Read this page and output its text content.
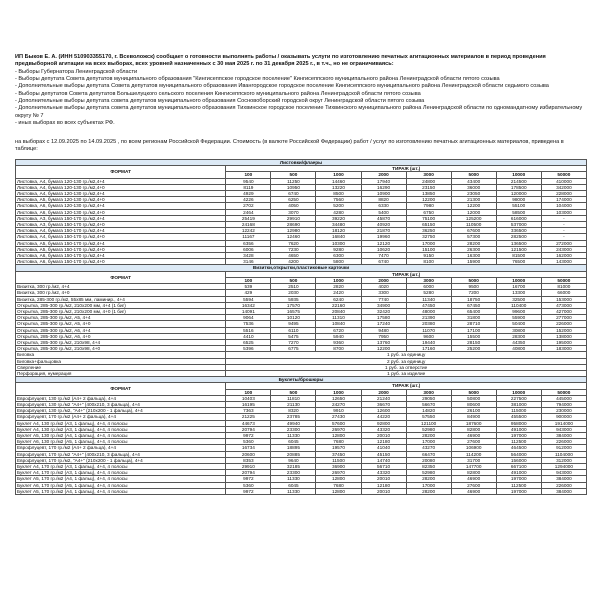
ИП Быков Е. А. (ИНН 510903355170, г. Всеволожск) сообщает о готовности выполнять работы / оказывать услуги по изготовлению печатных агитационных материалов в период проведения предвыборной агитации на всех выборах, всех уровней назначенных с 30 мая 2025 г. по 31 декабря 2025 г., в т.ч., но не ограничиваясь:

- Выборы Губернатора Ленинградской области

- Выборы депутата Совета депутатов муниципального образования "Кингисеппское городское поселение" Кингисеппского муниципального района Ленинградской области пятого созыва

- Дополнительные выборы депутата Совета депутатов муниципального образования Ивангородское городское поселение Кингисеппского муниципального района Ленинградской области седьмого созыва

- Выборы депутатов Совета депутатов Большелуцкого сельского поселения Кингисеппского муниципального района Ленинградской области пятого созыва

- Дополнительные выборы депутата совета депутатов муниципального образования Сосновоборский городской округ Ленинградской области пятого созыва

- Дополнительные выборы депутата совета депутатов муниципального образования Тихвинское городское поселение Тихвинского муниципального района Ленинградской области по одномандатному избирательному округу № 7

- иных выборах во всех субъектах РФ.

на выборах с 12.09.2025 по 14.09.2025 , по всем регионам Российской Федерации. Стоимость (в валюте Российской Федерации) работ / услуг по изготовлению печатных агитационных материалов, приведена в таблице:

Листовки/флаеры								
ФОРМАТ	ТИРАЖ (шт.)							
	100	500	1000	2000	3000	5000	10000	50000
Листовка, А4, бумага 120-130 гр./м2,4+4	9540	11250	14460	17940	24800	43400	214500	410000
Листовка, А4, бумага 120-130 гр./м2,4+0	8119	10950	13220	16290	23150	36000	178500	342000
Листовка, А4, бумага 120-130 гр./м2,4+4	4929	6740	8500	10900	13850	23050	120000	228000
Листовка, А5, бумага 120-130 гр./м2,4+0	4226	6250	7560	8820	12200	21300	98000	174000
Листовка, А6, бумага 120-130 гр./м2,4+4	2702	4050	5200	6330	7980	12200	55100	104000
Листовка, А6, бумага 120-130 гр./м2,4+0	2464	3070	4280	5400	6750	12000	58500	103000
Листовка, А3, бумага 150-170 гр./м2,4+4	25419	29910	39220	45870	75100	125200	616000	-
Листовка, А3, бумага 150-170 гр./м2,4+0	24168	28690	34480	40920	65150	110500	537000	-
Листовка, А4, бумага 150-170 гр./м2,4+4	12242	12980	18120	21870	36250	67600	336500	-
Листовка, А4, бумага 150-170 гр./м2,4+0	11167	12460	16840	19960	32750	57300	282500	-
Листовка, А5, бумага 150-170 гр./м2,4+4	6356	7620	10300	12120	17000	28200	136500	272000
Листовка, А5, бумага 150-170 гр./м2,4+0	6006	7230	9280	10620	15100	26300	121500	243000
Листовка, А6, бумага 150-170 гр./м2,4+4	3428	4650	6300	7470	9150	16300	81500	162000
Листовка, А6, бумага 150-170 гр./м2,4+0	3146	4200	5800	6740	8100	15900	76500	143000
Визитки,открытки,пластиковые карточки								
ФОРМАТ	ТИРАЖ (шт.)							
	100	500	1000	2000	3000	5000	10000	50000
Визитка, 300 гр./м2, 4+4	539	2510	2820	4020	6000	9500	16700	81000
Визитка, 300 гр./м2, 4+0	429	2030	2420	3300	5280	7200	13300	66000
Визитка, 285-300 гр./м2, 55х85 мм, ламинир., 4+4	5594	5935	6240	7740	11340	18750	32500	153000
Открытка, 285-300 гр./м2, 210х200 мм, 4+4 (1 биг)	16342	17570	22160	34900	47450	67450	110400	473000
Открытка, 285-300 гр./м2, 210х200 мм, 4+0 (1 биг)	14091	16575	20840	32420	48000	65400	99600	427000
Открытка, 285-300 гр./м2, А5, 4+4	9064	10120	11310	17580	21390	31800	55900	277000
Открытка, 285-300 гр./м2, А5, 4+0	7536	9495	10840	17240	20380	28710	50400	226000
Открытка, 285-300 гр./м2, А6, 4+4	5516	6110	6720	9480	11070	17100	30800	152000
Открытка, 285-300 гр./м2, А6, 4+0	4410	5475	5940	7950	9600	15500	28300	138000
Открытка, 285-300 гр./м2, 210х98, 4+4	6525	7270	9360	13760	19440	28150	44350	195000
Открытка, 285-300 гр./м2, 210х98, 4+0	5396	6775	8700	12200	17160	25200	40800	183000
Биговка	1 руб. за единицу							
Биговка+фальцовка	2 руб. за единицу							
Сверление	1 руб. за отверстие							
Перфорация, нумерация	1 руб. за изделие							
Буклеты/брошюры								
ФОРМАТ	ТИРАЖ (шт.)							
	100	500	1000	2000	3000	5000	10000	50000
Еврофлуцевт, 130 гр./м2 (А4+ 2 фальца), 4+4	10403	11810	12650	21240	29050	50800	227500	445000
Еврофлуцевт, 130 гр./м2 "А4+" (400х210, 3 фальца), 4+4	16195	21130	24270	36670	56670	80600	381000	794000
Еврофлуцевт, 130 гр./м2, "А4+" (210х200 - 1 фальца), 4+4	7363	8320	9910	12600	14820	26100	115000	230000
Еврофлуцевт, 170 гр./м2 (А4+ 2 фальца), 4+4	21225	23785	27430	44220	57550	84900	455500	900000
Буклет А4, 130 гр./м2 (А3, 1 фальц), 4+4, 4 полосы	44673	49940	57600	92800	121100	187600	958000	1914000
Буклет А4, 130 гр./м2 (А3, 1 фальц), 4+4, 4 полосы	20794	23300	26970	43320	52980	82800	491000	943000
Буклет А5, 130 гр./м2 (А4, 1 фальц), 4+4, 4 полосы	9972	11330	12800	20010	28200	46900	197000	384000
Буклет А6, 130 гр./м2 (А5, 1 фальц), 4+4, 4 полосы	5360	6045	7680	12180	17000	27600	112500	226000
Еврофлуцевт, 170 гр./м2 (А4+ 2 фальца), 4+4	16734	18895	19570	41040	43270	106900	464500	912000
Еврофлуцевт, 170 гр./м2 "А4+" (400х210, 3 фальца), 4+4	20600	20885	37450	45150	66470	114200	564000	1104000
Еврофлуцевт, 170 гр./м2, "А4+" (210х200 - 1 фальца), 4+4	8353	9640	11500	14740	20080	31700	156000	312000
Буклет А4, 170 гр./м2 (А3, 1 фальц), 4+4, 4 полосы	29910	32185	36900	56710	82350	147700	667100	1294000
Буклет А4, 170 гр./м2 (А3, 1 фальц), 4+4, 4 полосы	20794	23300	26970	43320	52980	82800	491000	943000
Буклет А5, 170 гр./м2 (А4, 1 фальц), 4+4, 4 полосы	9972	11330	12800	20010	28200	46900	197000	384000
Буклет А6, 170 гр./м2 (А5, 1 фальц), 4+4, 4 полосы	5360	6045	7680	12180	17000	27600	112500	226000
Буклет А5, 170 гр./м2 (А4, 1 фальц), 4+4, 4 полосы	9972	11330	12800	20010	28200	46900	197000	384000
